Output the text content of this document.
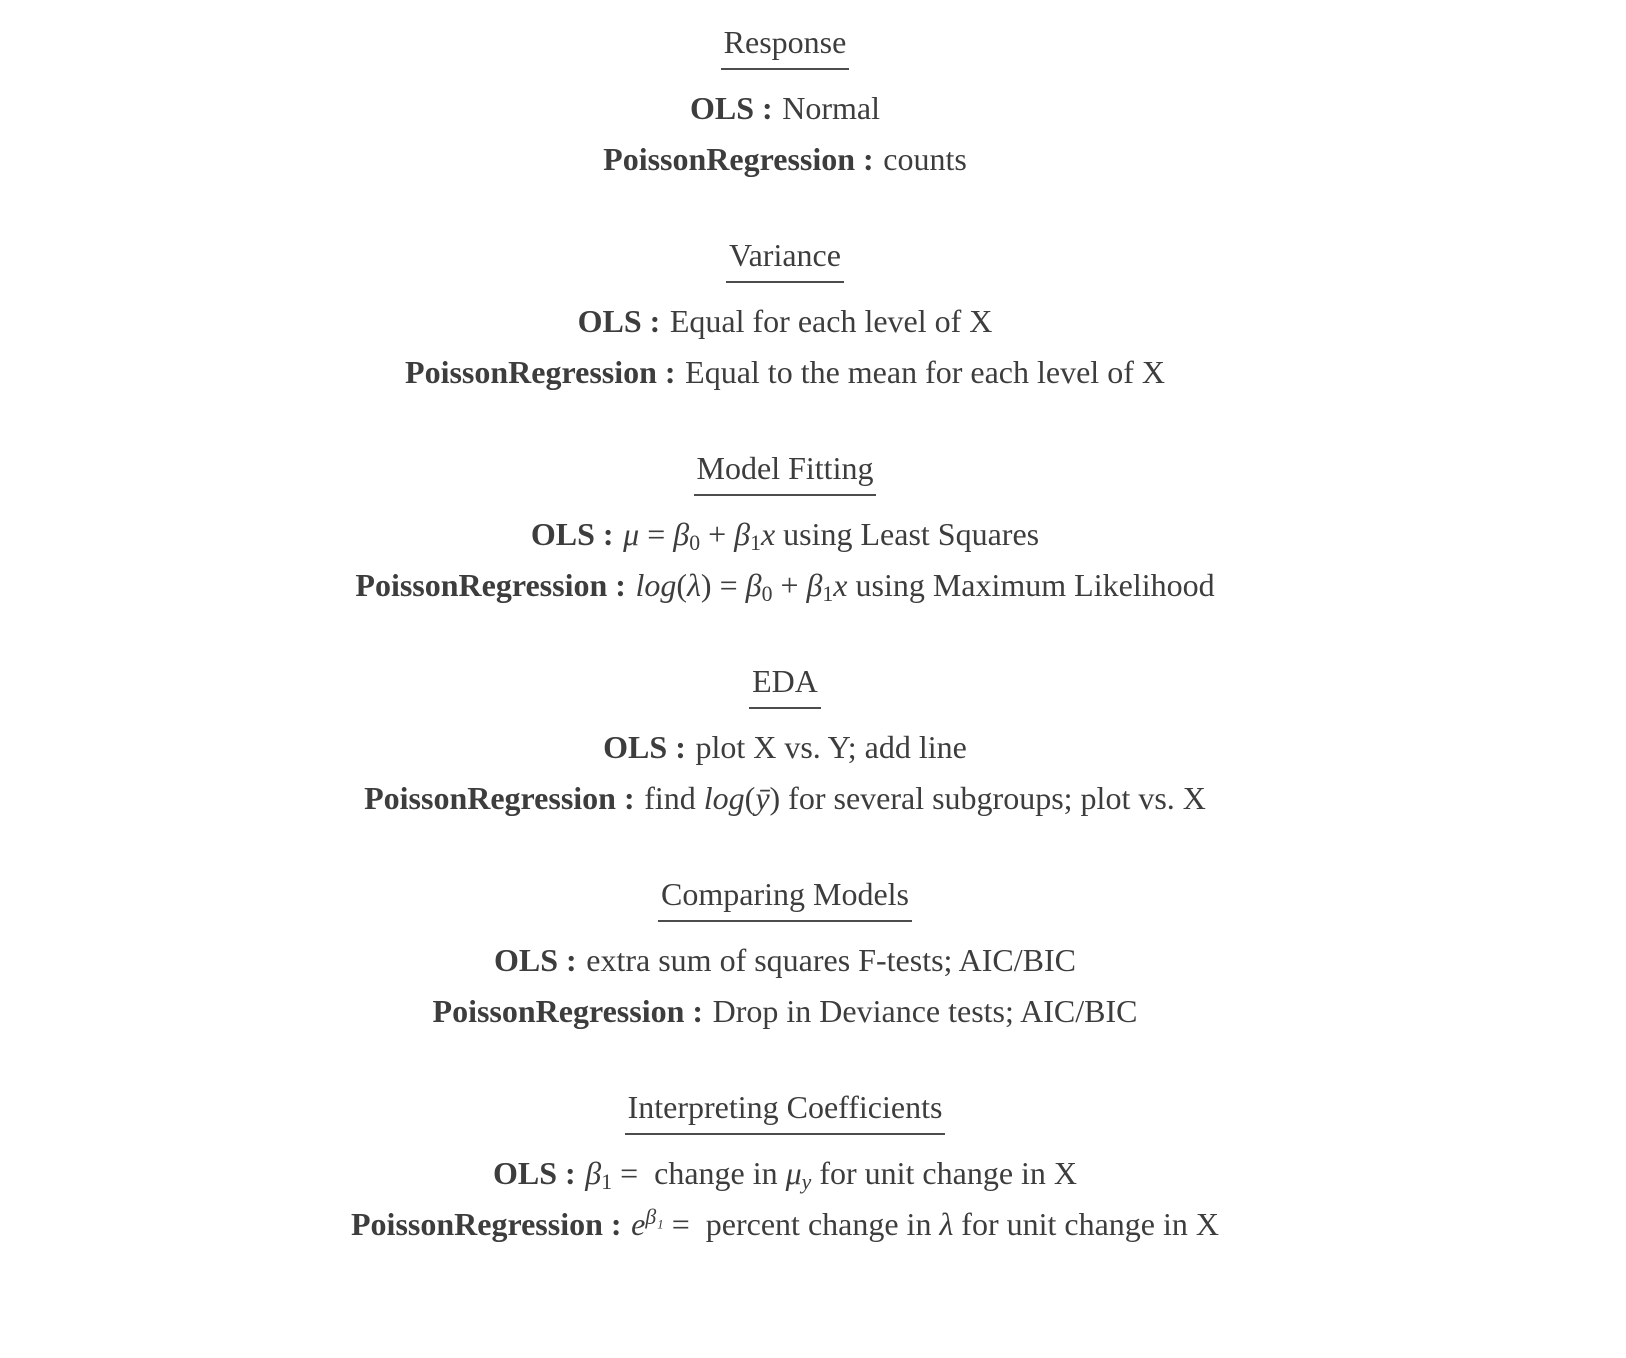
Response
OLS : Normal
PoissonRegression : counts
Variance
OLS : Equal for each level of X
PoissonRegression : Equal to the mean for each level of X
Model Fitting
OLS : $\mu = \beta_0 + \beta_1x$ using Least Squares
PoissonRegression : $\log(\lambda) = \beta_0 + \beta_1x$ using Maximum Likelihood
EDA
OLS : plot X vs. Y; add line
PoissonRegression : find log(ȳ) for several subgroups; plot vs. X
Comparing Models
OLS : extra sum of squares F-tests; AIC/BIC
PoissonRegression : Drop in Deviance tests; AIC/BIC
Interpreting Coefficients
OLS : $\beta_1$ =  change in $\mu_y$ for unit change in X
PoissonRegression : $e^{\beta_1}$ =  percent change in λ for unit change in X
